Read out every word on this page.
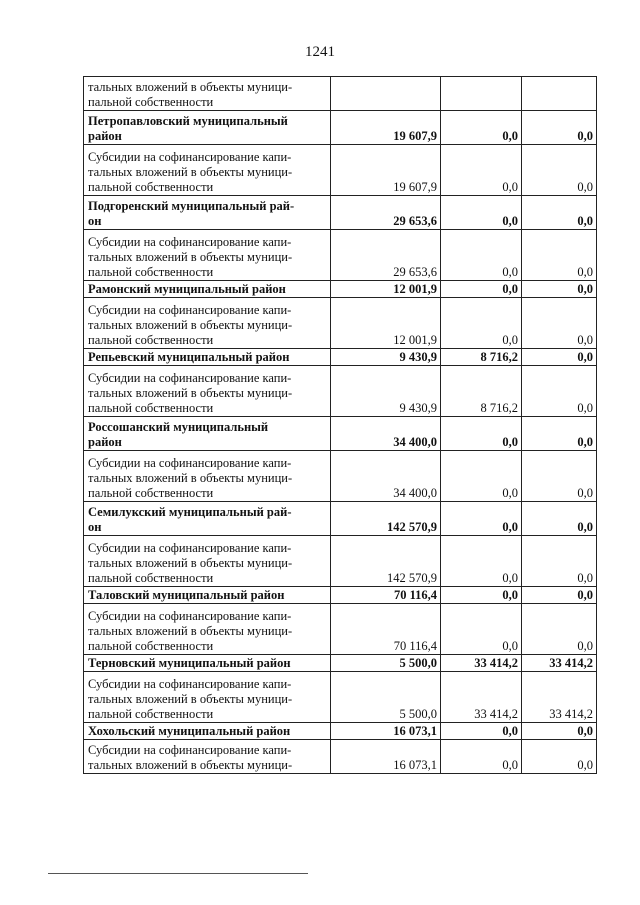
1241
тальных вложений в объекты муници-
пальной собственности				
Петропавловский муниципальный
район		19 607,9	0,0	0,0
Субсидии на софинансирование капи-
тальных вложений в объекты муници-
пальной собственности		19 607,9	0,0	0,0
Подгоренский муниципальный рай-
он		29 653,6	0,0	0,0
Субсидии на софинансирование капи-
тальных вложений в объекты муници-
пальной собственности		29 653,6	0,0	0,0
Рамонский муниципальный район		12 001,9	0,0	0,0
Субсидии на софинансирование капи-
тальных вложений в объекты муници-
пальной собственности		12 001,9	0,0	0,0
Репьевский муниципальный район		9 430,9	8 716,2	0,0
Субсидии на софинансирование капи-
тальных вложений в объекты муници-
пальной собственности		9 430,9	8 716,2	0,0
Россошанский муниципальный
район		34 400,0	0,0	0,0
Субсидии на софинансирование капи-
тальных вложений в объекты муници-
пальной собственности		34 400,0	0,0	0,0
Семилукский муниципальный рай-
он		142 570,9	0,0	0,0
Субсидии на софинансирование капи-
тальных вложений в объекты муници-
пальной собственности		142 570,9	0,0	0,0
Таловский муниципальный район		70 116,4	0,0	0,0
Субсидии на софинансирование капи-
тальных вложений в объекты муници-
пальной собственности		70 116,4	0,0	0,0
Терновский муниципальный район		5 500,0	33 414,2	33 414,2
Субсидии на софинансирование капи-
тальных вложений в объекты муници-
пальной собственности		5 500,0	33 414,2	33 414,2
Хохольский муниципальный район		16 073,1	0,0	0,0
Субсидии на софинансирование капи-
тальных вложений в объекты муници-		16 073,1	0,0	0,0
